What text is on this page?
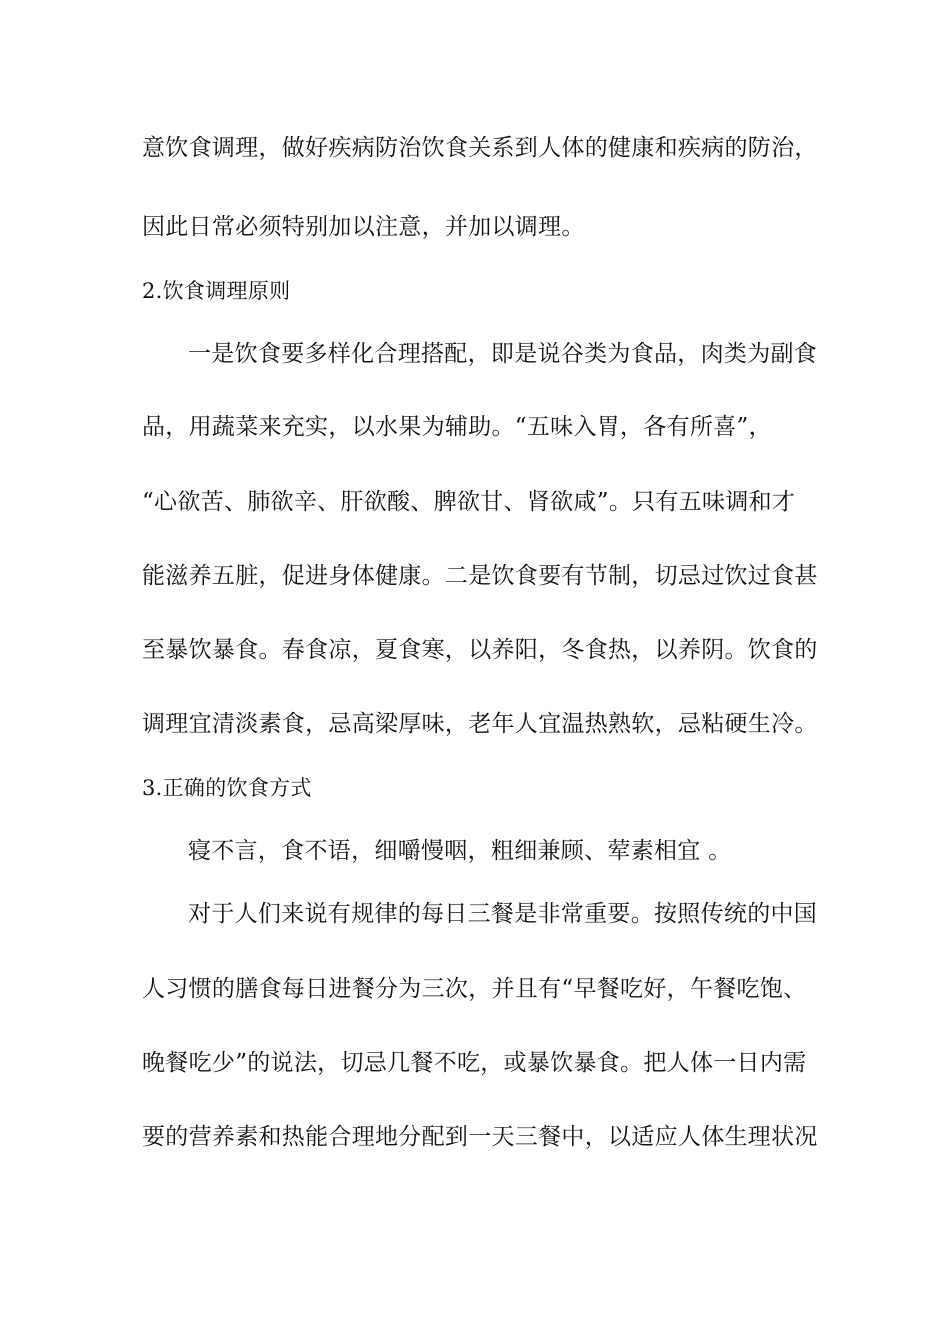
意饮食调理，做好疾病防治饮食关系到人体的健康和疾病的防治，
因此日常必须特别加以注意，并加以调理。
2.饮食调理原则
一是饮食要多样化合理搭配，即是说谷类为食品，肉类为副食
品，用蔬菜来充实，以水果为辅助。“五味入胃，各有所喜”，
“心欲苦、肺欲辛、肝欲酸、脾欲甘、肾欲咸”。只有五味调和才
能滋养五脏，促进身体健康。二是饮食要有节制，切忌过饮过食甚
至暴饮暴食。春食凉，夏食寒，以养阳，冬食热，以养阴。饮食的
调理宜清淡素食，忌高梁厚味，老年人宜温热熟软，忌粘硬生冷。
3.正确的饮食方式
寝不言，食不语，细嚼慢咽，粗细兼顾、荤素相宜 。
对于人们来说有规律的每日三餐是非常重要。按照传统的中国
人习惯的膳食每日进餐分为三次，并且有“早餐吃好，午餐吃饱、
晚餐吃少”的说法，切忌几餐不吃，或暴饮暴食。把人体一日内需
要的营养素和热能合理地分配到一天三餐中，以适应人体生理状况
